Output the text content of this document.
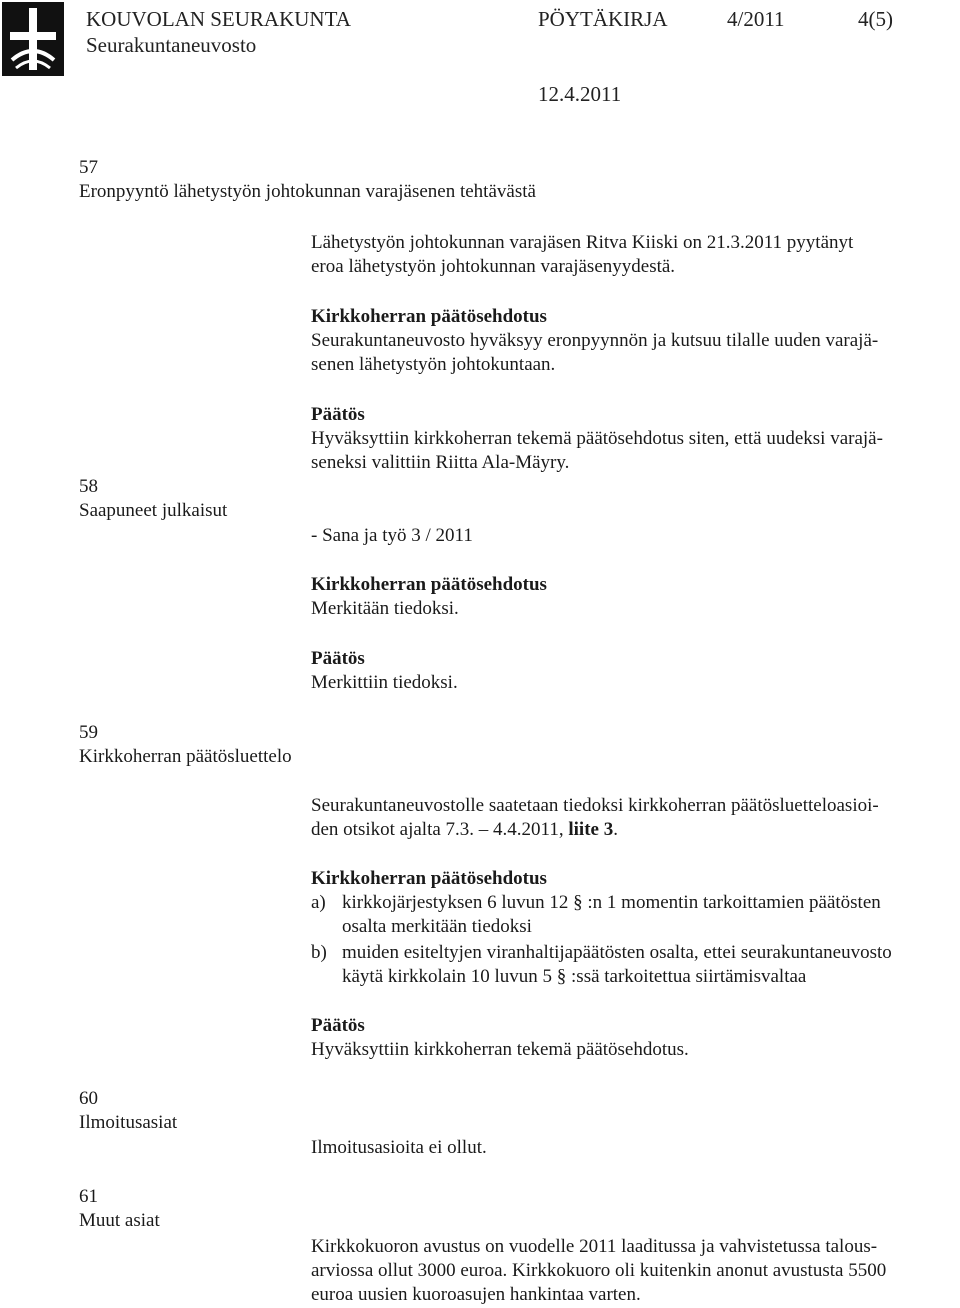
KOUVOLAN SEURAKUNTA	PÖYTÄKIRJA	4/2011	4(5)
Seurakuntaneuvosto
12.4.2011
57
Eronpyyntö lähetystyön johtokunnan varajäsenen tehtävästä
Lähetystyön johtokunnan varajäsen Ritva Kiiski on 21.3.2011 pyytänyt
eroa lähetystyön johtokunnan varajäsenyydestä.
Kirkkoherran päätösehdotus
Seurakuntaneuvosto hyväksyy eronpyynnön ja kutsuu tilalle uuden varajä-
senen lähetystyön johtokuntaan.
Päätös
Hyväksyttiin kirkkoherran tekemä päätösehdotus siten, että uudeksi varajä-
seneksi valittiin Riitta Ala-Mäyry.
58
Saapuneet julkaisut
- Sana ja työ 3 / 2011
Kirkkoherran päätösehdotus
Merkitään tiedoksi.
Päätös
Merkittiin tiedoksi.
59
Kirkkoherran päätösluettelo
Seurakuntaneuvostolle saatetaan tiedoksi kirkkoherran päätösluetteloasioi-
den otsikot ajalta 7.3. – 4.4.2011, liite 3.
Kirkkoherran päätösehdotus
a) kirkkojärjestyksen 6 luvun 12 § :n 1 momentin tarkoittamien päätösten
osalta merkitään tiedoksi
b) muiden esiteltyjen viranhaltijapäätösten osalta, ettei seurakuntaneuvosto
käytä kirkkolain 10 luvun 5 § :ssä tarkoitettua siirtämisvaltaa
Päätös
Hyväksyttiin kirkkoherran tekemä päätösehdotus.
60
Ilmoitusasiat
Ilmoitusasioita ei ollut.
61
Muut asiat
Kirkkokuoron avustus on vuodelle 2011 laaditussa ja vahvistetussa talous-
arviossa ollut 3000 euroa. Kirkkokuoro oli kuitenkin anonut avustusta 5500
euroa uusien kuoroasujen hankintaa varten.
